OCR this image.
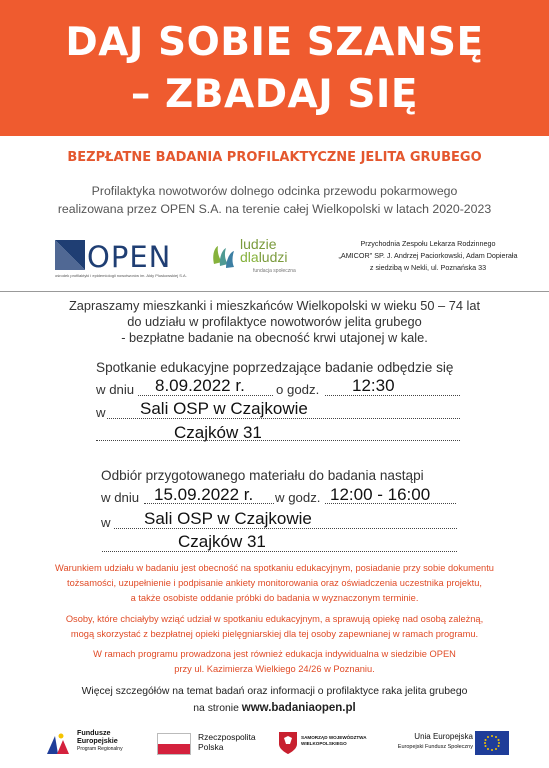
DAJ SOBIE SZANSĘ
– ZBADAJ SIĘ
BEZPŁATNE BADANIA PROFILAKTYCZNE JELITA GRUBEGO
Profilaktyka nowotworów dolnego odcinka przewodu pokarmowego
realizowana przez OPEN S.A. na terenie całej Wielkopolski w latach 2020-2023
OPEN
ośrodek profilaktyki i epidemiologii nowotworów im. Aldy Pluskowskiej S.A.
ludzie
dlaludzi
fundacja społeczna
Przychodnia Zespołu Lekarza Rodzinnego
„AMICOR" SP. J. Andrzej Paciorkowski, Adam Dopierała
z siedzibą w Nekli, ul. Poznańska 33
Zapraszamy mieszkanki i mieszkańców Wielkopolski w wieku 50 – 74 lat
do udziału w profilaktyce nowotworów jelita grubego
- bezpłatne badanie na obecność krwi utajonej w kale.
Spotkanie edukacyjne poprzedzające badanie odbędzie się
w dniu 8.09.2022 r. o godz. 12:30
w Sali OSP w Czajkowie
Czajków 31
Odbiór przygotowanego materiału do badania nastąpi
w dniu 15.09.2022 r. w godz. 12:00 - 16:00
w Sali OSP w Czajkowie
Czajków 31
Warunkiem udziału w badaniu jest obecność na spotkaniu edukacyjnym, posiadanie przy sobie dokumentu
tożsamości, uzupełnienie i podpisanie ankiety monitorowania oraz oświadczenia uczestnika projektu,
a także osobiste oddanie próbki do badania w wyznaczonym terminie.
Osoby, które chciałyby wziąć udział w spotkaniu edukacyjnym, a sprawują opiekę nad osobą zależną,
mogą skorzystać z bezpłatnej opieki pielęgniarskiej dla tej osoby zapewnianej w ramach programu.
W ramach programu prowadzona jest również edukacja indywidualna w siedzibie OPEN
przy ul. Kazimierza Wielkiego 24/26 w Poznaniu.
Więcej szczegółów na temat badań oraz informacji o profilaktyce raka jelita grubego
na stronie www.badaniaopen.pl
Fundusze
Europejskie
Program Regionalny
Rzeczpospolita
Polska
SAMORZĄD WOJEWÓDZTWA
WIELKOPOLSKIEGO
Unia Europejska
Europejski Fundusz Społeczny
